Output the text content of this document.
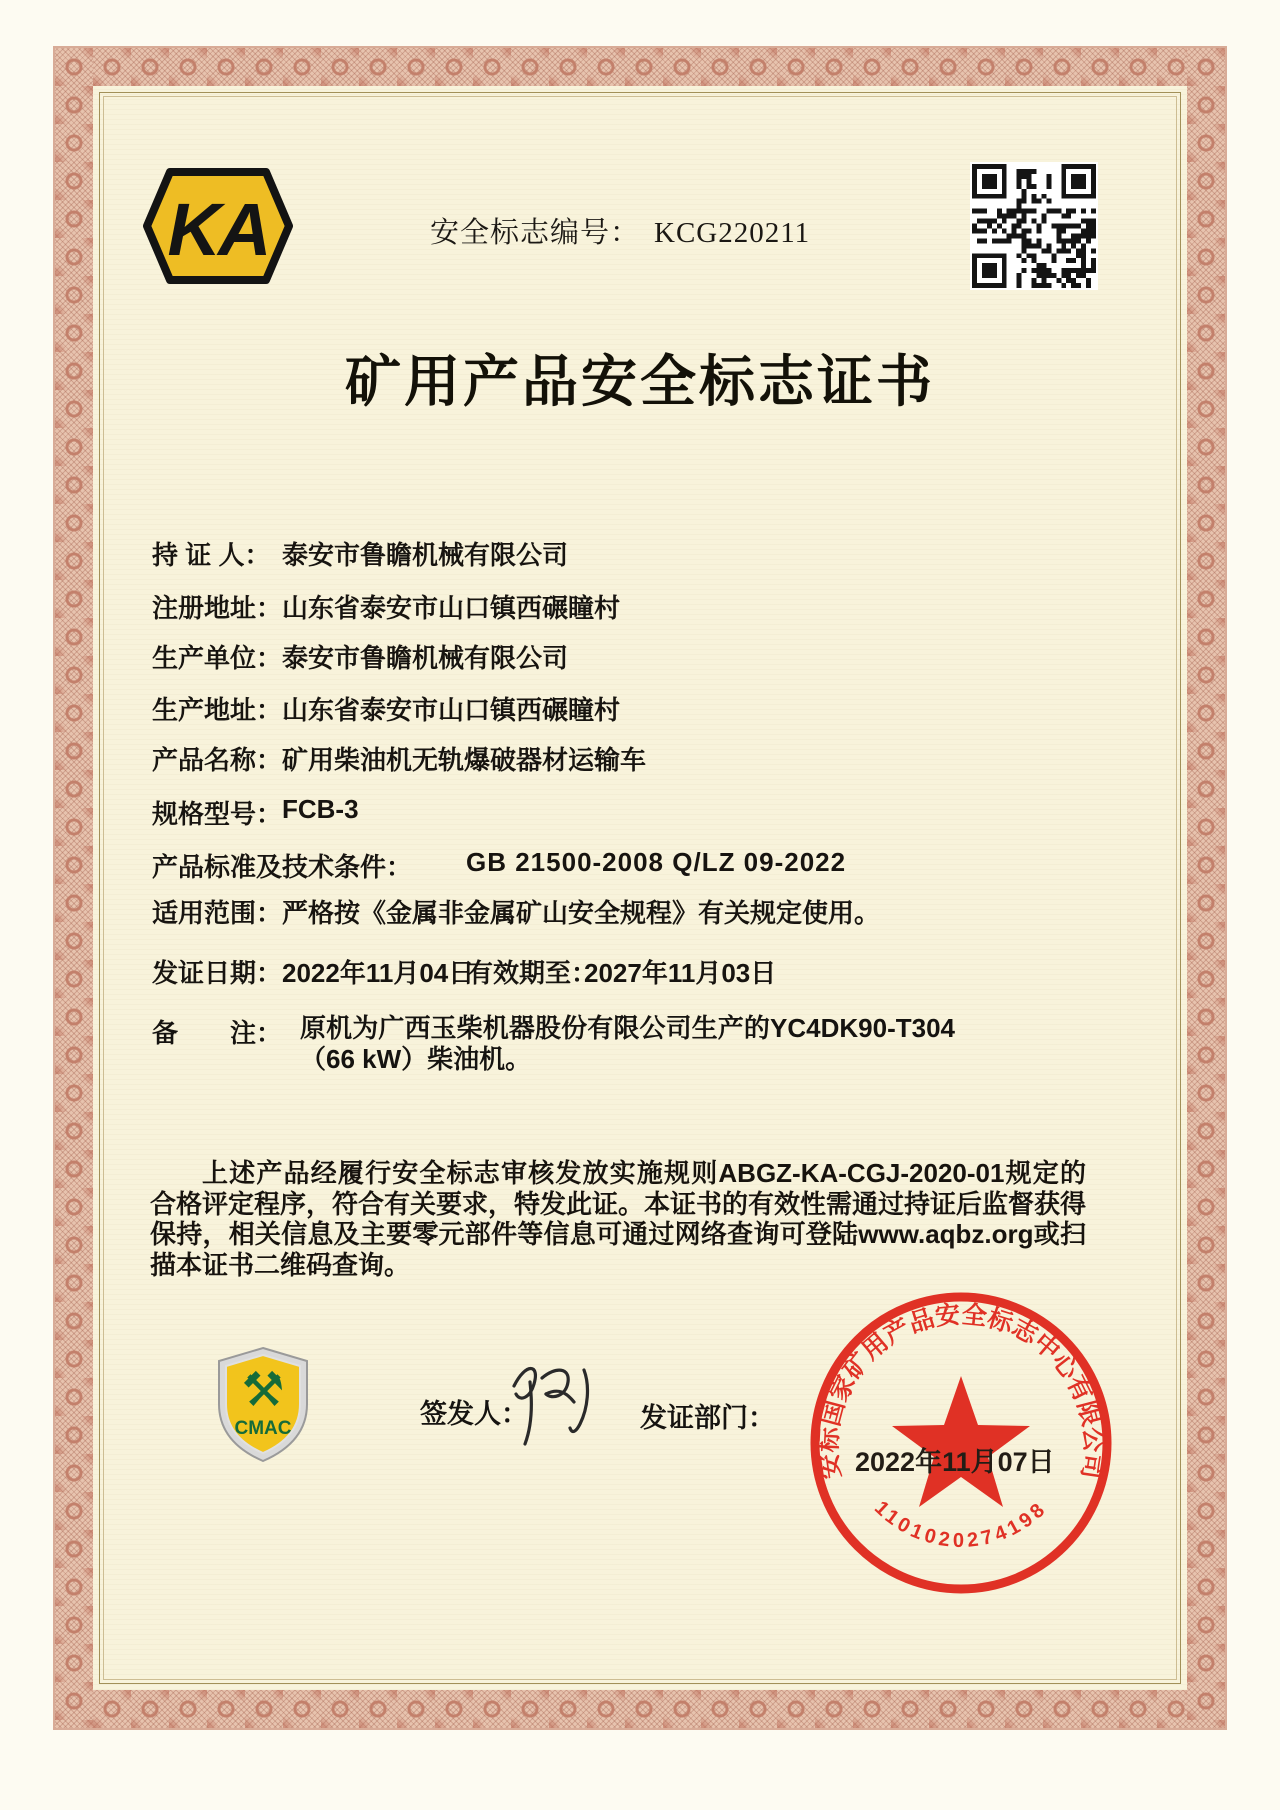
KA	安全标志编号： KCG220211
矿用产品安全标志证书
持 证 人： 泰安市鲁瞻机械有限公司
注册地址： 山东省泰安市山口镇西碾瞳村
生产单位： 泰安市鲁瞻机械有限公司
生产地址： 山东省泰安市山口镇西碾瞳村
产品名称： 矿用柴油机无轨爆破器材运输车
规格型号： FCB-3
产品标准及技术条件： GB 21500-2008 Q/LZ 09-2022
适用范围： 严格按《金属非金属矿山安全规程》有关规定使用。
发证日期： 2022年11月04日
有效期至：
2027年11月03日
备　　注： 原机为广西玉柴机器股份有限公司生产的YC4DK90-T304（66 kW）柴油机。
上述产品经履行安全标志审核发放实施规则ABGZ-KA-CGJ-2020-01规定的合格评定程序，符合有关要求，特发此证。本证书的有效性需通过持证后监督获得保持，相关信息及主要零元部件等信息可通过网络查询可登陆www.aqbz.org或扫描本证书二维码查询。
⚒
CMAC	签发人：	发证部门：
安标国家矿用产品安全标志中心有限公司
1101020274198
2022年11月07日
